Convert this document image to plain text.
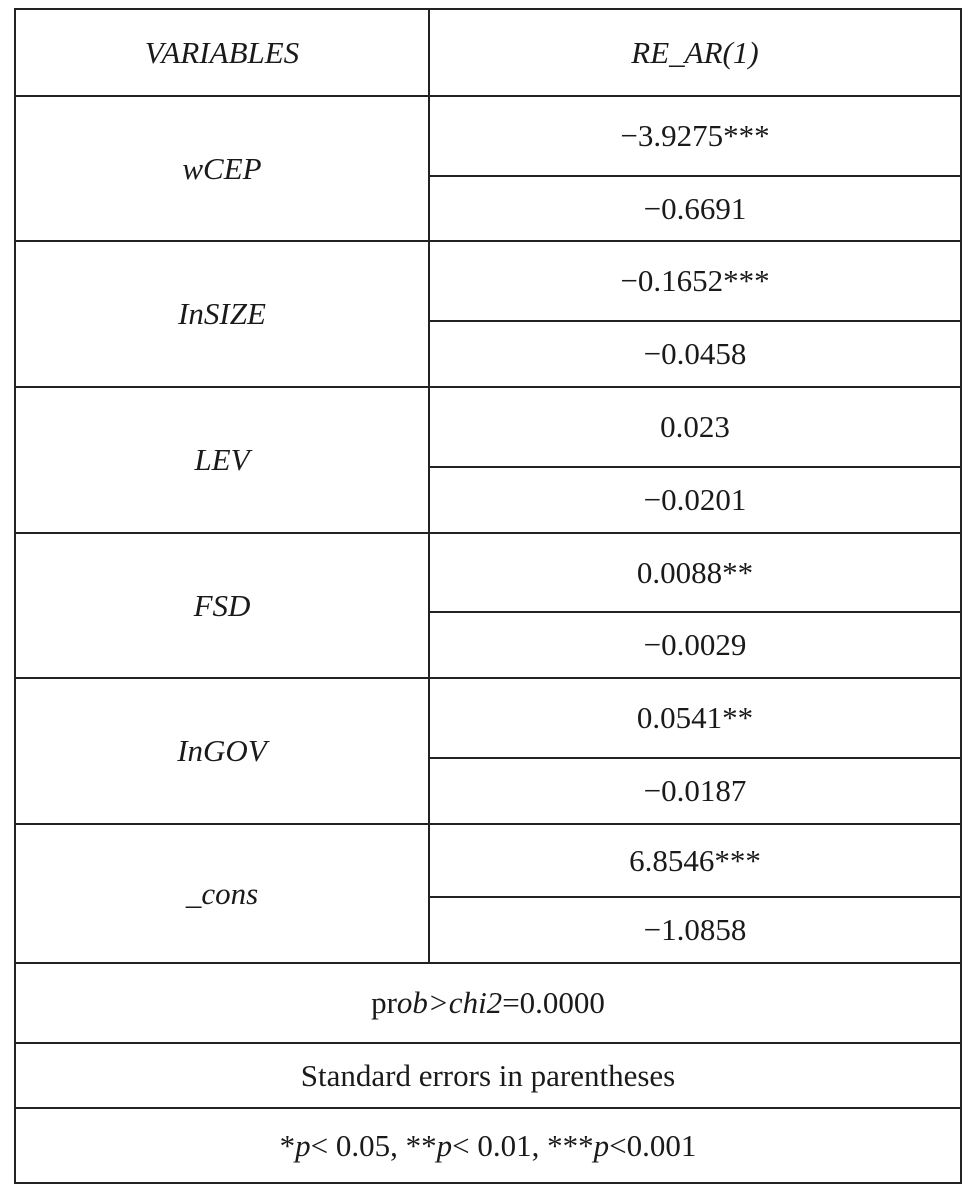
VARIABLES	RE_AR(1)
wCEP	−3.9275***
	−0.6691
InSIZE	−0.1652***
	−0.0458
LEV	0.023
	−0.0201
FSD	0.0088**
	−0.0029
InGOV	0.0541**
	−0.0187
_cons	6.8546***
	−1.0858
prob>chi2=0.0000	
Standard errors in parentheses	
*p< 0.05, **p< 0.01, ***p<0.001	
